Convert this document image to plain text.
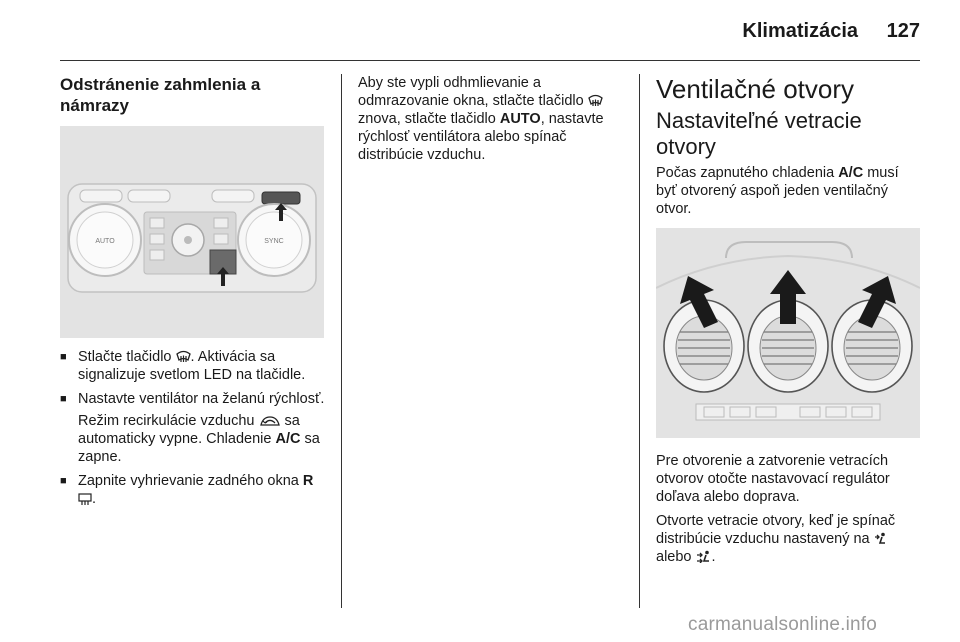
Klimatizácia 127
Odstránenie zahmlenia a námrazy
AUTO	SYNC
■ Stlačte tlačidlo . Aktivácia sa signalizuje svetlom LED na tlačidle.
■ Nastavte ventilátor na želanú rýchlosť.

Režim recirkulácie vzduchu sa automaticky vypne. Chladenie A/C sa zapne.

■ Zapnite vyhrievanie zadného okna R.

Aby ste vypli odhmlievanie a odmrazovanie okna, stlačte tlačidlo  znova, stlačte tlačidlo AUTO, nastavte rýchlosť ventilátora alebo spínač distribúcie vzduchu.

Ventilačné otvory
Nastaviteľné vetracie otvory

Počas zapnutého chladenia A/C musí byť otvorený aspoň jeden ventilačný otvor.

Pre otvorenie a zatvorenie vetracích otvorov otočte nastavovací regulátor doľava alebo doprava.

Otvorte vetracie otvory, keď je spínač distribúcie vzduchu nastavený na  alebo .

carmanualsonline.info
